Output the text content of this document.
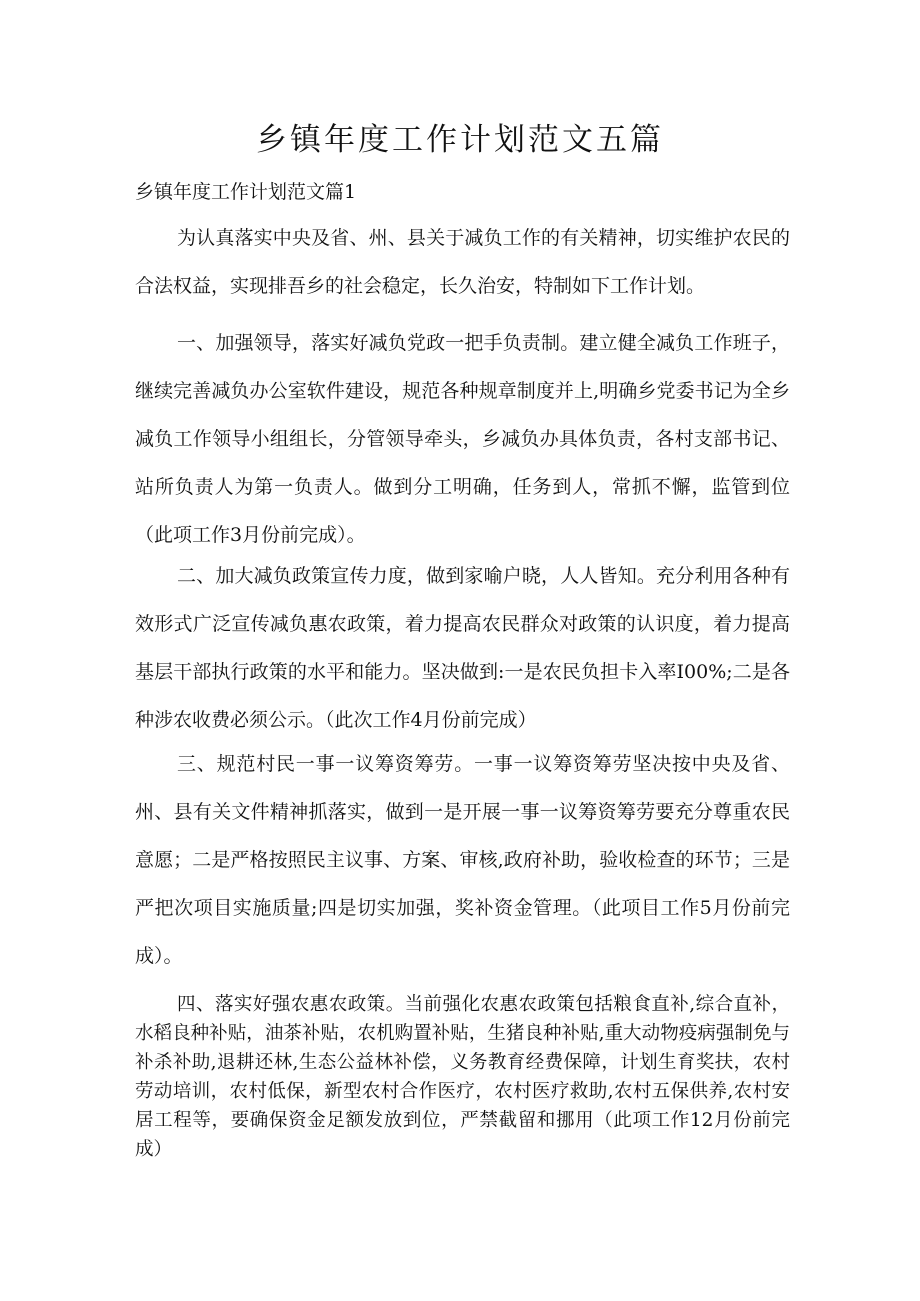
乡镇年度工作计划范文五篇
乡镇年度工作计划范文篇1

为认真落实中央及省、州、县关于减负工作的有关精神，切实维护农民的合法权益，实现排吾乡的社会稳定，长久治安，特制如下工作计划。

一、加强领导，落实好减负党政一把手负责制。建立健全减负工作班子，继续完善减负办公室软件建设，规范各种规章制度并上,明确乡党委书记为全乡减负工作领导小组组长，分管领导牵头，乡减负办具体负责，各村支部书记、站所负责人为第一负责人。做到分工明确，任务到人，常抓不懈，监管到位（此项工作3月份前完成）。

二、加大减负政策宣传力度，做到家喻户晓，人人皆知。充分利用各种有效形式广泛宣传减负惠农政策，着力提高农民群众对政策的认识度，着力提高基层干部执行政策的水平和能力。坚决做到:一是农民负担卡入率I00%;二是各种涉农收费必须公示。（此次工作4月份前完成）

三、规范村民一事一议筹资筹劳。一事一议筹资筹劳坚决按中央及省、州、县有关文件精神抓落实，做到一是开展一事一议筹资筹劳要充分尊重农民意愿；二是严格按照民主议事、方案、审核,政府补助，验收检查的环节；三是严把次项目实施质量;四是切实加强，奖补资金管理。（此项目工作5月份前完成）。

四、落实好强农惠农政策。当前强化农惠农政策包括粮食直补,综合直补，水稻良种补贴，油茶补贴，农机购置补贴，生猪良种补贴,重大动物疫病强制免与补杀补助,退耕还林,生态公益林补偿，义务教育经费保障，计划生育奖扶，农村劳动培训，农村低保，新型农村合作医疗，农村医疗救助,农村五保供养,农村安居工程等，要确保资金足额发放到位，严禁截留和挪用（此项工作12月份前完成）
